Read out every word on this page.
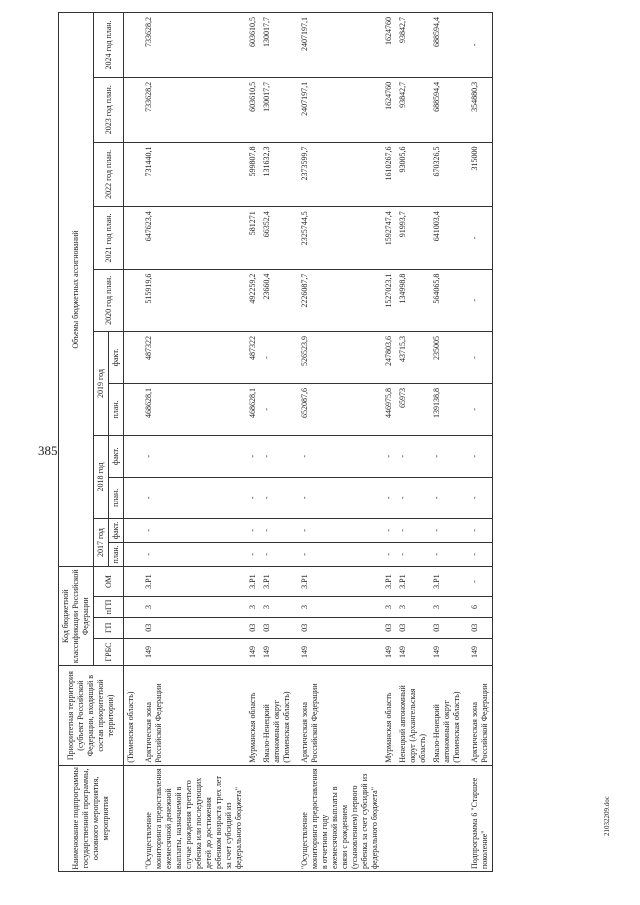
385
21032209.doc
Наименование подпрограммы государственной программы, основного мероприятия, мероприятия	Приоритетная территория (субъект Российской Федерации, входящий в состав приоритетной территории)	Код бюджетной классификации Российской Федерации				Объемы бюджетных ассигнований										
		ГРБС	ГП	пГП	ОМ	2017 год		2018 год		2019 год		2020 год план.	2021 год план.	2022 год план.	2023 год план.	2024 год план.
						план.	факт.	план.	факт.	план.	факт.					
	(Тюменская область)															
"Осуществление мониторинга предоставления ежемесячной денежной выплаты, назначаемой в случае рождения третьего ребенка или последующих детей до достижения ребенком возраста трех лет за счет субсидий из федерального бюджета"	Арктическая зона Российской Федерации	149	03	3	3.P1	-	-	-	-	468628,1	487322	515919,6	647623,4	731440,1	733628,2	733628,2
	Мурманская область	149	03	3	3.P1	-	-	-	-	468628,1	487322	492259,2	581271	599807,8	603610,5	603610,5
	Ямало-Ненецкий автономный округ (Тюменская область)	149	03	3	3.P1	-	-	-	-	-	-	23660,4	66352,4	131632,3	130017,7	130017,7
"Осуществление мониторинга предоставления в отчетном году ежемесячной выплаты в связи с рождением (усыновлением) первого ребенка за счет субсидий из федерального бюджета"	Арктическая зона Российской Федерации	149	03	3	3.P1	-	-	-	-	652087,6	526523,9	2226087,7	2325744,5	2373599,7	2407197,1	2407197,1
	Мурманская область	149	03	3	3.P1	-	-	-	-	446975,8	247803,6	1527023,1	1592747,4	1610267,6	1624760	1624760
	Ненецкий автономный округ (Архангельская область)	149	03	3	3.P1	-	-	-	-	65973	43715,3	134998,8	91993,7	93005,6	93842,7	93842,7
	Ямало-Ненецкий автономный округ (Тюменская область)	149	03	3	3.P1	-	-	-	-	139138,8	235005	564065,8	641003,4	670326,5	688594,4	688594,4
Подпрограмма 6 "Старшее поколение"	Арктическая зона Российской Федерации	149	03	6	-	-	-	-	-	-	-	-	-	315000	354880,3	-
